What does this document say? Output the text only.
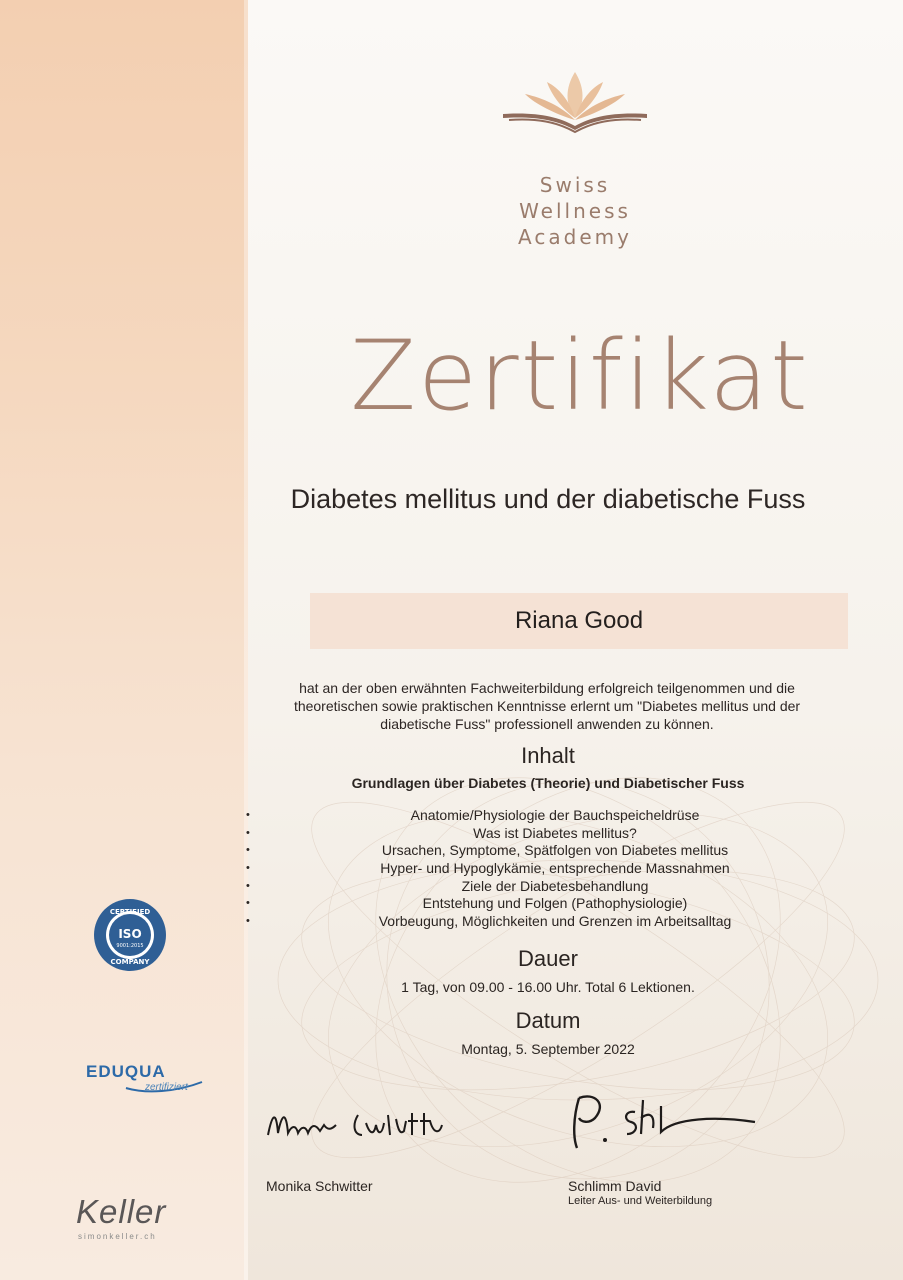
Swiss
Wellness
Academy
Zertifikat
Diabetes mellitus und der diabetische Fuss
Riana Good
hat an der oben erwähnten Fachweiterbildung erfolgreich teilgenommen und die theoretischen sowie praktischen Kenntnisse erlernt um "Diabetes mellitus und der diabetische Fuss" professionell anwenden zu können.
Inhalt
Grundlagen über Diabetes (Theorie) und Diabetischer Fuss
•	Anatomie/Physiologie der Bauchspeicheldrüse
•	Was ist Diabetes mellitus?
•	Ursachen, Symptome, Spätfolgen von Diabetes mellitus
•	Hyper- und Hypoglykämie, entsprechende Massnahmen
•	Ziele der Diabetesbehandlung
•	Entstehung und Folgen (Pathophysiologie)
•	Vorbeugung, Möglichkeiten und Grenzen im Arbeitsalltag
Dauer
1 Tag, von 09.00 - 16.00 Uhr. Total 6 Lektionen.
Datum
Montag, 5. September 2022
Monika Schwitter	Schlimm David
Leiter Aus- und Weiterbildung
CERTIFIED
ISO
9001:2015
COMPANY
EDUQUA
zertifiziert
Keller
simonkeller.ch
